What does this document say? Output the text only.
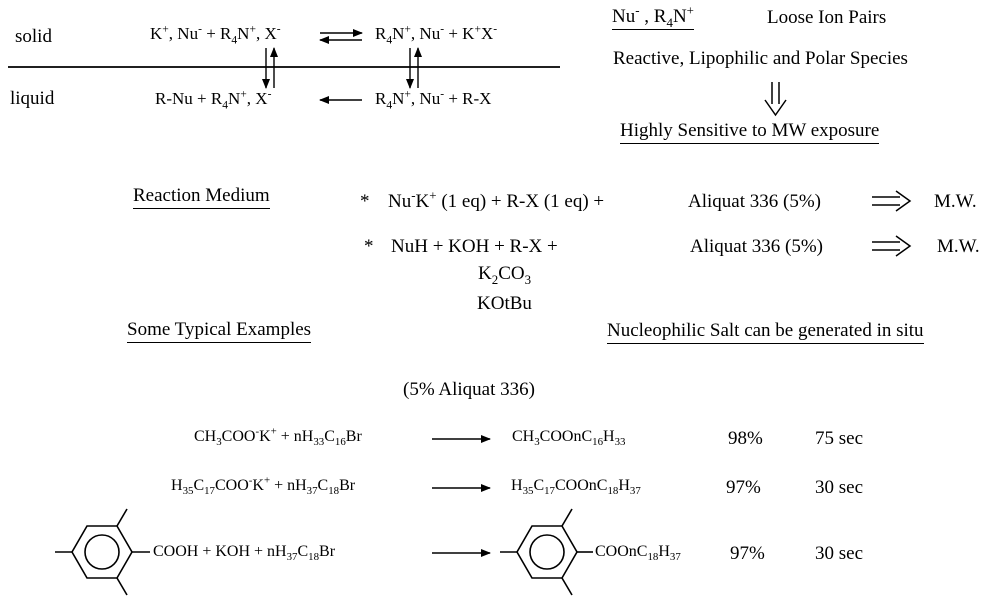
solid
liquid
K+, $Nu^- + R_4N^+$, X-	$R_4N^+$, Nu- + K+X-
$R-Nu + R_4N^+$, X-	$R_4N^+$, Nu- + R-X
Nu- , $R_4N^+$	Loose Ion Pairs
Reactive, Lipophilic and Polar Species
Highly Sensitive to MW exposure
Reaction Medium	* Nu-K+ (1 eq) + R-X (1 eq) +	Aliquat 336 (5%)	M.W.
* NuH + KOH + R-X +	Aliquat 336 (5%)	M.W.
$K_2CO_3$
KOtBu
Some Typical Examples	Nucleophilic Salt can be generated in situ
(5% Aliquat 336)
$CH_3COO^-K^+ + nH_{33}C_{16}Br$	$CH_3COOnC_{16}H_{33}$	98%	75 sec
$H_{35}C_{17}COO^-K^+ + nH_{37}C_{18}Br$	$H_{35}C_{17}COOnC_{18}H_{37}$	97%	30 sec
COOH + KOH + $nH_{37}C_{18}Br$	$COOnC_{18}H_{37}$	97%	30 sec
